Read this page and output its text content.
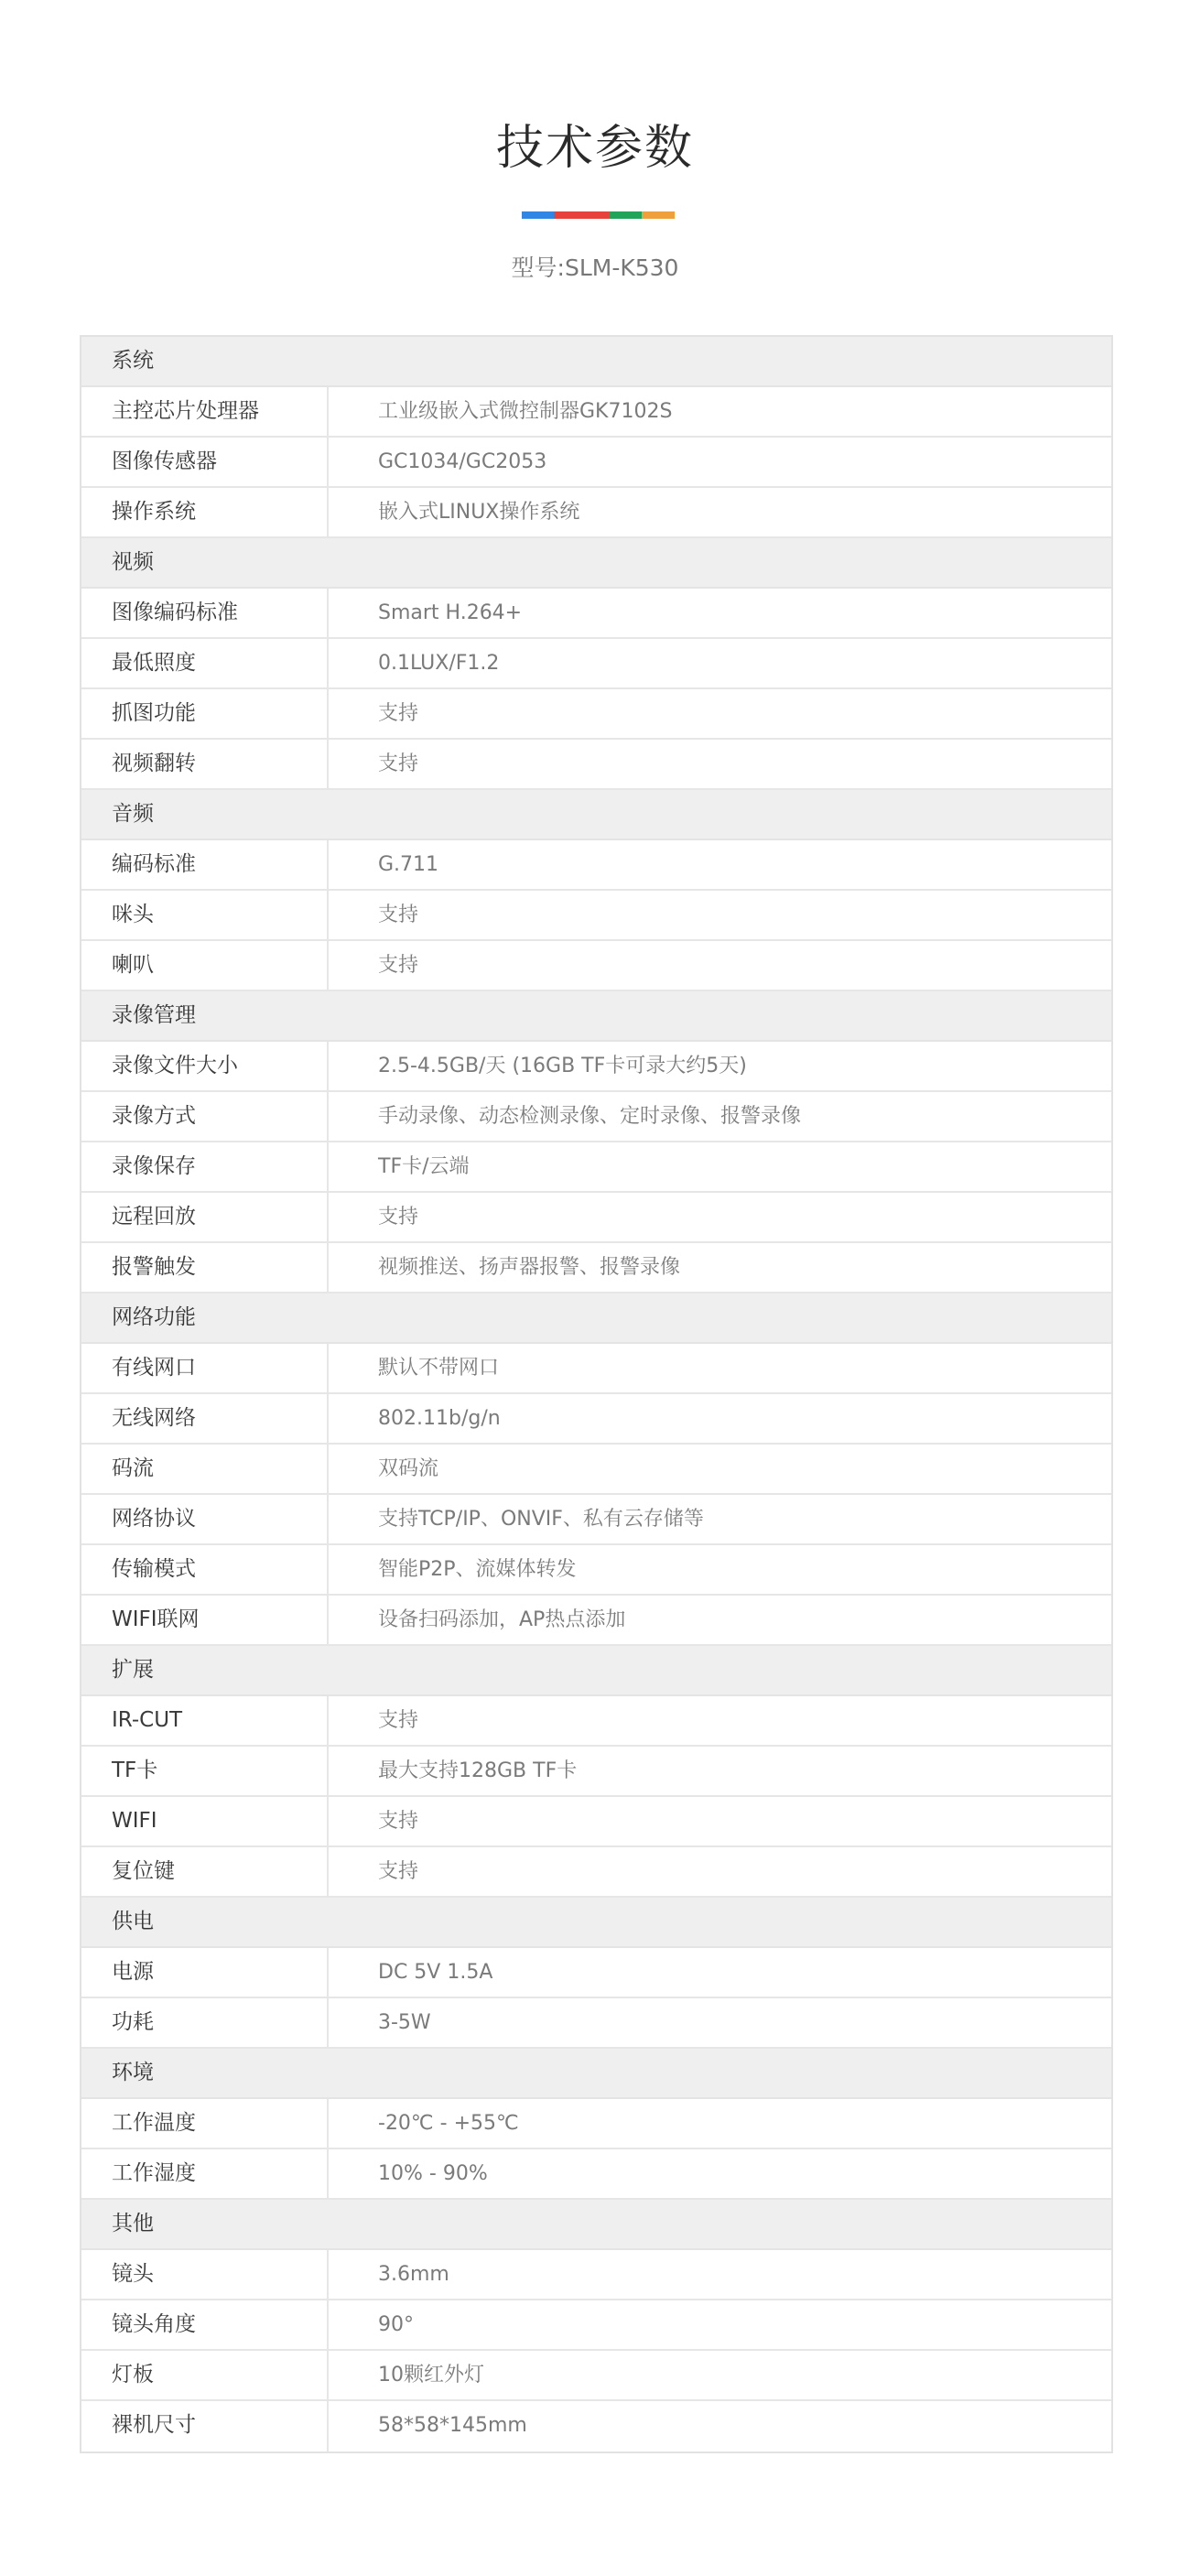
技术参数
型号:SLM-K530
系统
主控芯片处理器	工业级嵌入式微控制器GK7102S
图像传感器	GC1034/GC2053
操作系统	嵌入式LINUX操作系统
视频
图像编码标准	Smart H.264+
最低照度	0.1LUX/F1.2
抓图功能	支持
视频翻转	支持
音频
编码标准	G.711
咪头	支持
喇叭	支持
录像管理
录像文件大小	2.5-4.5GB/天 (16GB TF卡可录大约5天)
录像方式	手动录像、动态检测录像、定时录像、报警录像
录像保存	TF卡/云端
远程回放	支持
报警触发	视频推送、扬声器报警、报警录像
网络功能
有线网口	默认不带网口
无线网络	802.11b/g/n
码流	双码流
网络协议	支持TCP/IP、ONVIF、私有云存储等
传输模式	智能P2P、流媒体转发
WIFI联网	设备扫码添加，AP热点添加
扩展
IR-CUT	支持
TF卡	最大支持128GB TF卡
WIFI	支持
复位键	支持
供电
电源	DC 5V 1.5A
功耗	3-5W
环境
工作温度	-20℃ - +55℃
工作湿度	10% - 90%
其他
镜头	3.6mm
镜头角度	90°
灯板	10颗红外灯
裸机尺寸	58*58*145mm
